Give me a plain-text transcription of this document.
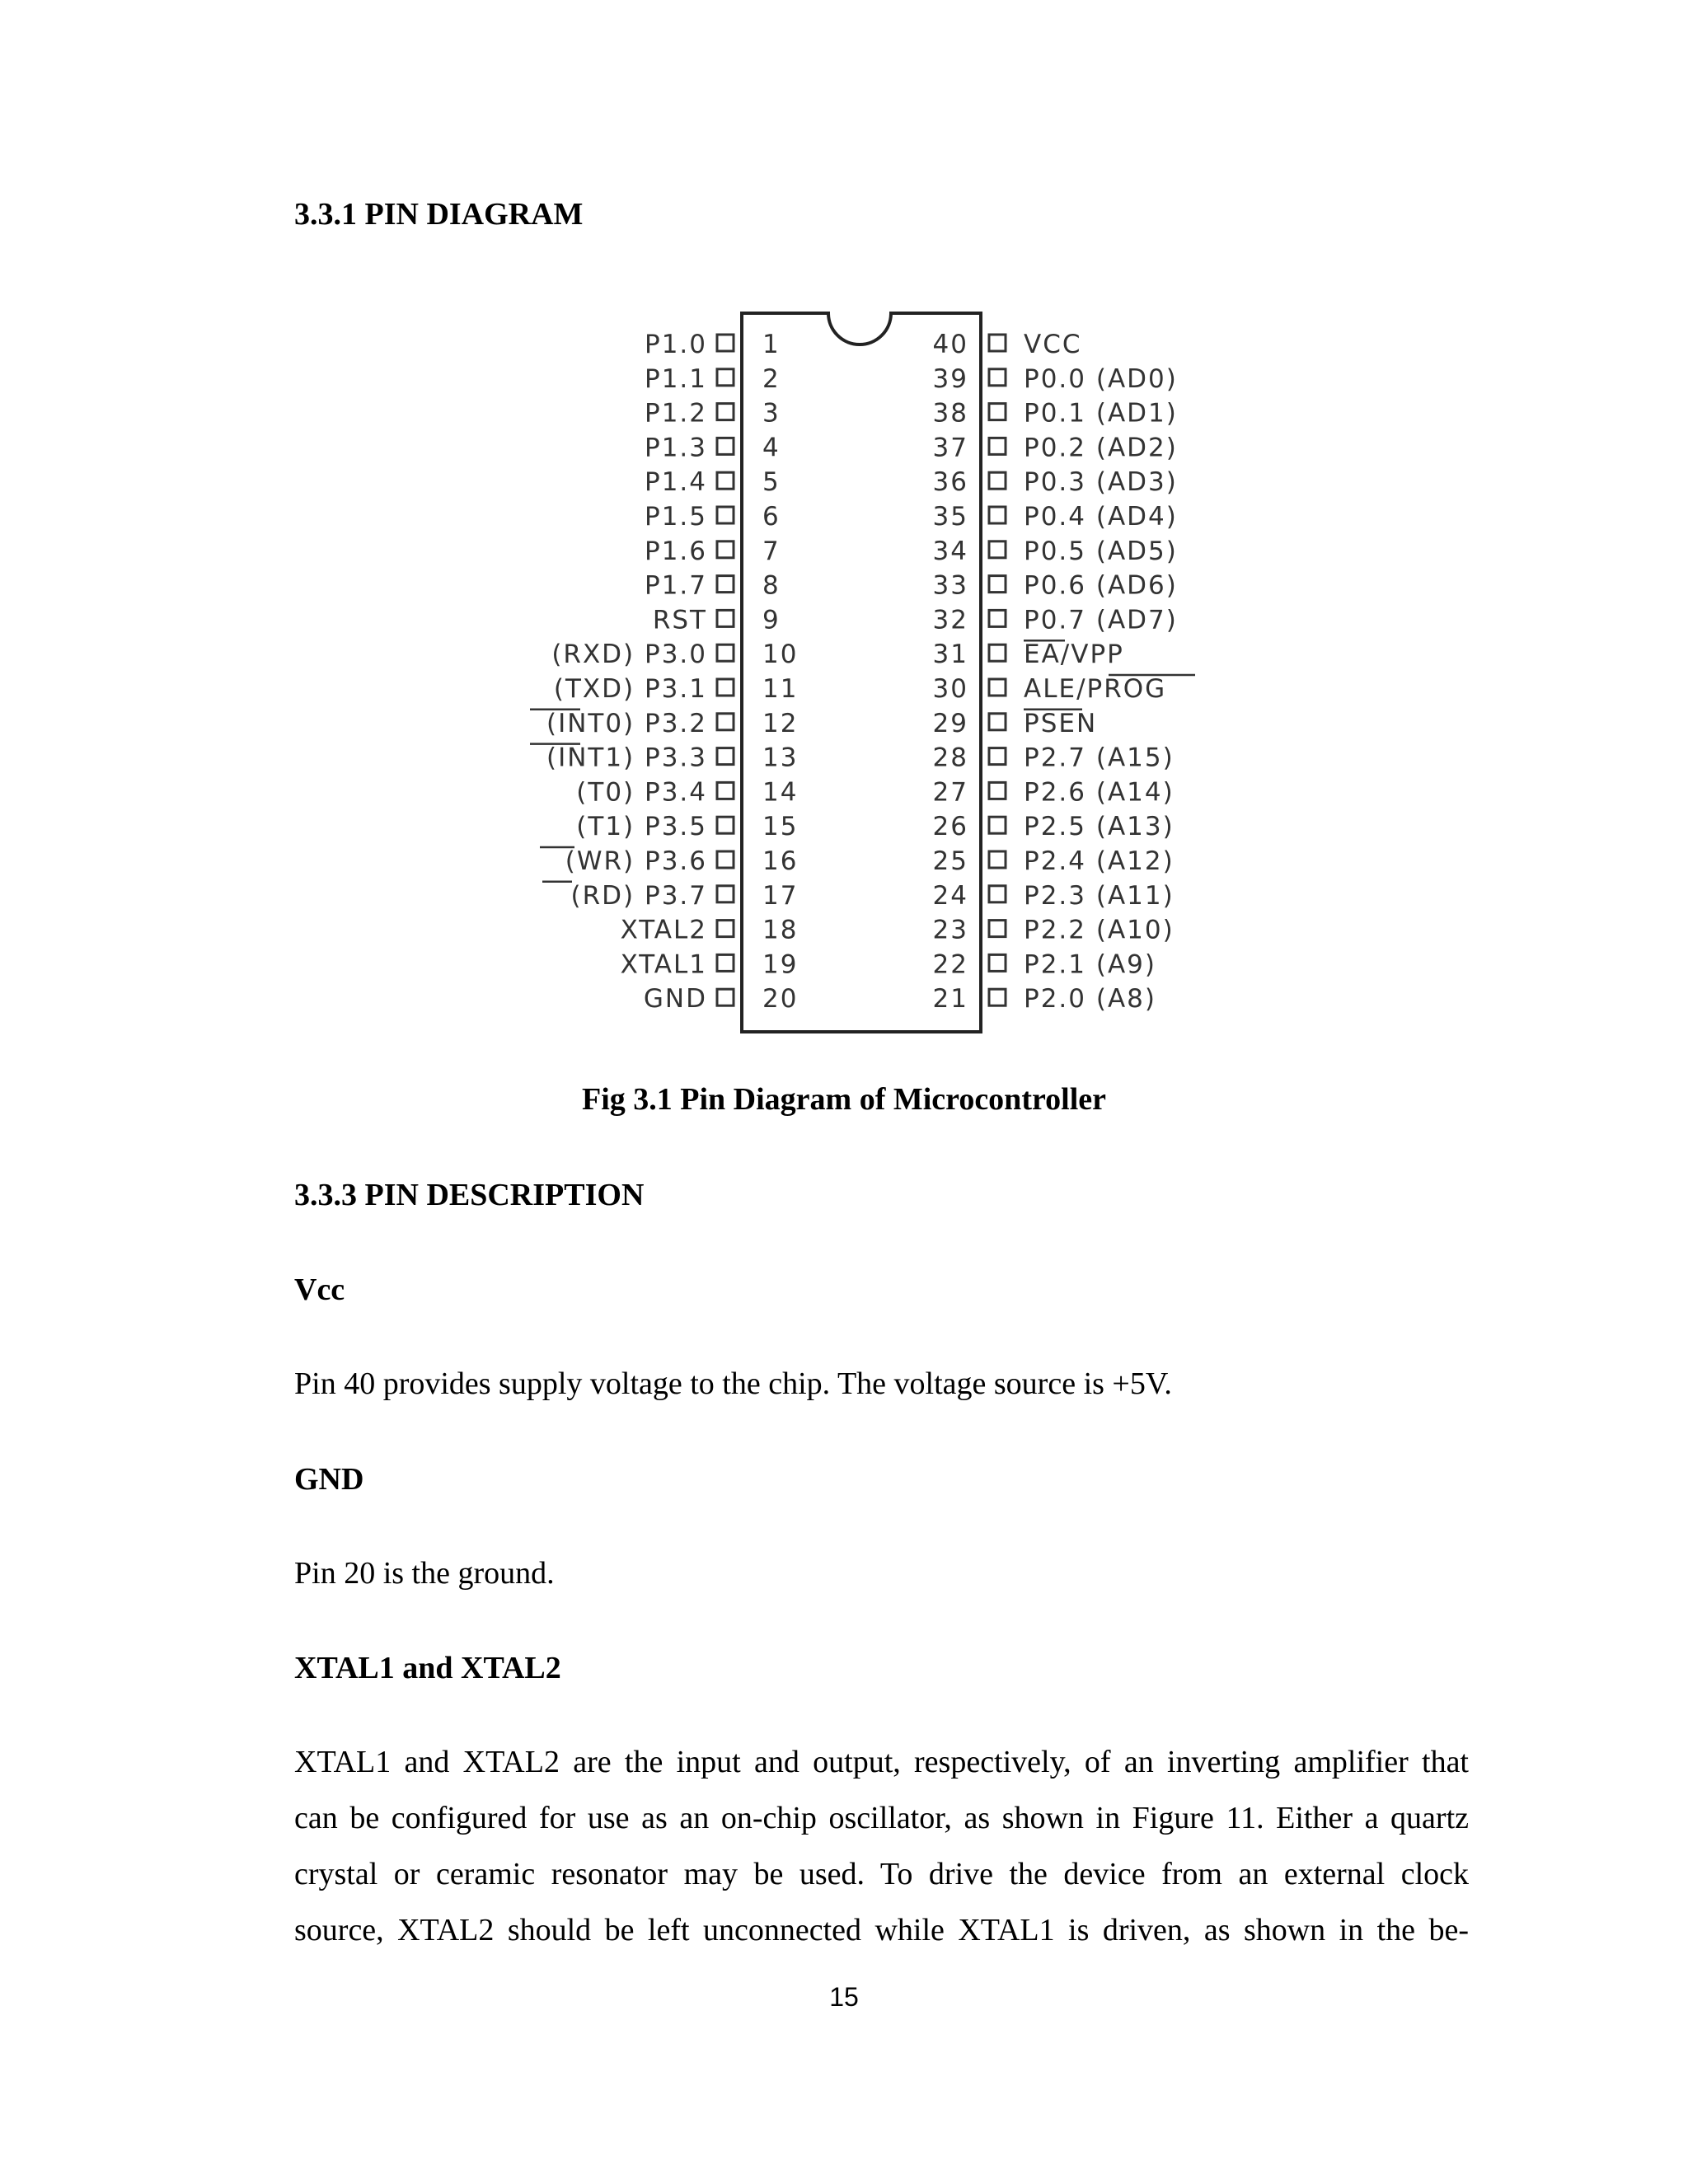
3.3.1 PIN DIAGRAM
P1.0 1
P1.1 2
P1.2 3
P1.3 4
P1.4 5
P1.5 6
P1.6 7
P1.7 8
RST 9
(RXD) P3.0 10
(TXD) P3.1 11
(INT0) P3.2 12
(INT1) P3.3 13
(T0) P3.4 14
(T1) P3.5 15
(WR) P3.6 16
(RD) P3.7 17
XTAL2 18
XTAL1 19
GND 20
40 VCC
39 P0.0 (AD0)
38 P0.1 (AD1)
37 P0.2 (AD2)
36 P0.3 (AD3)
35 P0.4 (AD4)
34 P0.5 (AD5)
33 P0.6 (AD6)
32 P0.7 (AD7)
31 EA/VPP
30 ALE/PROG
29 PSEN
28 P2.7 (A15)
27 P2.6 (A14)
26 P2.5 (A13)
25 P2.4 (A12)
24 P2.3 (A11)
23 P2.2 (A10)
22 P2.1 (A9)
21 P2.0 (A8)

Fig 3.1 Pin Diagram of Microcontroller

3.3.3 PIN DESCRIPTION
Vcc

Pin 40 provides supply voltage to the chip. The voltage source is +5V.

GND

Pin 20 is the ground.

XTAL1 and XTAL2
XTAL1 and XTAL2 are the input and output, respectively, of an inverting amplifier that
can be configured for use as an on-chip oscillator, as shown in Figure 11. Either a quartz
crystal or ceramic resonator may be used. To drive the device from an external clock
source, XTAL2 should be left unconnected while XTAL1 is driven, as shown in the be-

15
